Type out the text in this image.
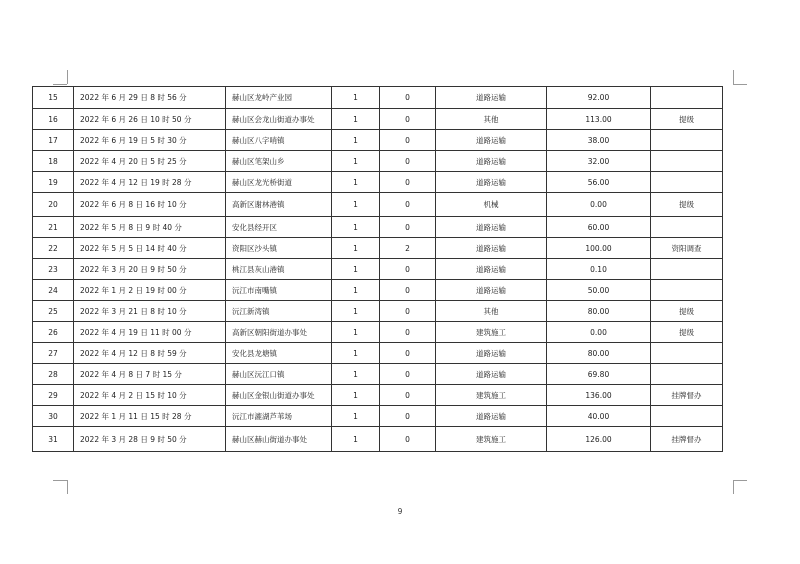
15	2022 年 6 月 29 日 8 时 56 分	赫山区龙岭产业园	1	0	道路运输	92.00	
16	2022 年 6 月 26 日 10 时 50 分	赫山区会龙山街道办事处	1	0	其他	113.00	提级
17	2022 年 6 月 19 日 5 时 30 分	赫山区八字哨镇	1	0	道路运输	38.00	
18	2022 年 4 月 20 日 5 时 25 分	赫山区笔架山乡	1	0	道路运输	32.00	
19	2022 年 4 月 12 日 19 时 28 分	赫山区龙光桥街道	1	0	道路运输	56.00	
20	2022 年 6 月 8 日 16 时 10 分	高新区谢林港镇	1	0	机械	0.00	提级
21	2022 年 5 月 8 日 9 时 40 分	安化县经开区	1	0	道路运输	60.00	
22	2022 年 5 月 5 日 14 时 40 分	资阳区沙头镇	1	2	道路运输	100.00	资阳调查
23	2022 年 3 月 20 日 9 时 50 分	桃江县灰山港镇	1	0	道路运输	0.10	
24	2022 年 1 月 2 日 19 时 00 分	沅江市南嘴镇	1	0	道路运输	50.00	
25	2022 年 3 月 21 日 8 时 10 分	沅江新湾镇	1	0	其他	80.00	提级
26	2022 年 4 月 19 日 11 时 00 分	高新区朝阳街道办事处	1	0	建筑施工	0.00	提级
27	2022 年 4 月 12 日 8 时 59 分	安化县龙塘镇	1	0	道路运输	80.00	
28	2022 年 4 月 8 日 7 时 15 分	赫山区沅江口镇	1	0	道路运输	69.80	
29	2022 年 4 月 2 日 15 时 10 分	赫山区金银山街道办事处	1	0	建筑施工	136.00	挂牌督办
30	2022 年 1 月 11 日 15 时 28 分	沅江市漉湖芦苇场	1	0	道路运输	40.00	
31	2022 年 3 月 28 日 9 时 50 分	赫山区赫山街道办事处	1	0	建筑施工	126.00	挂牌督办
9
